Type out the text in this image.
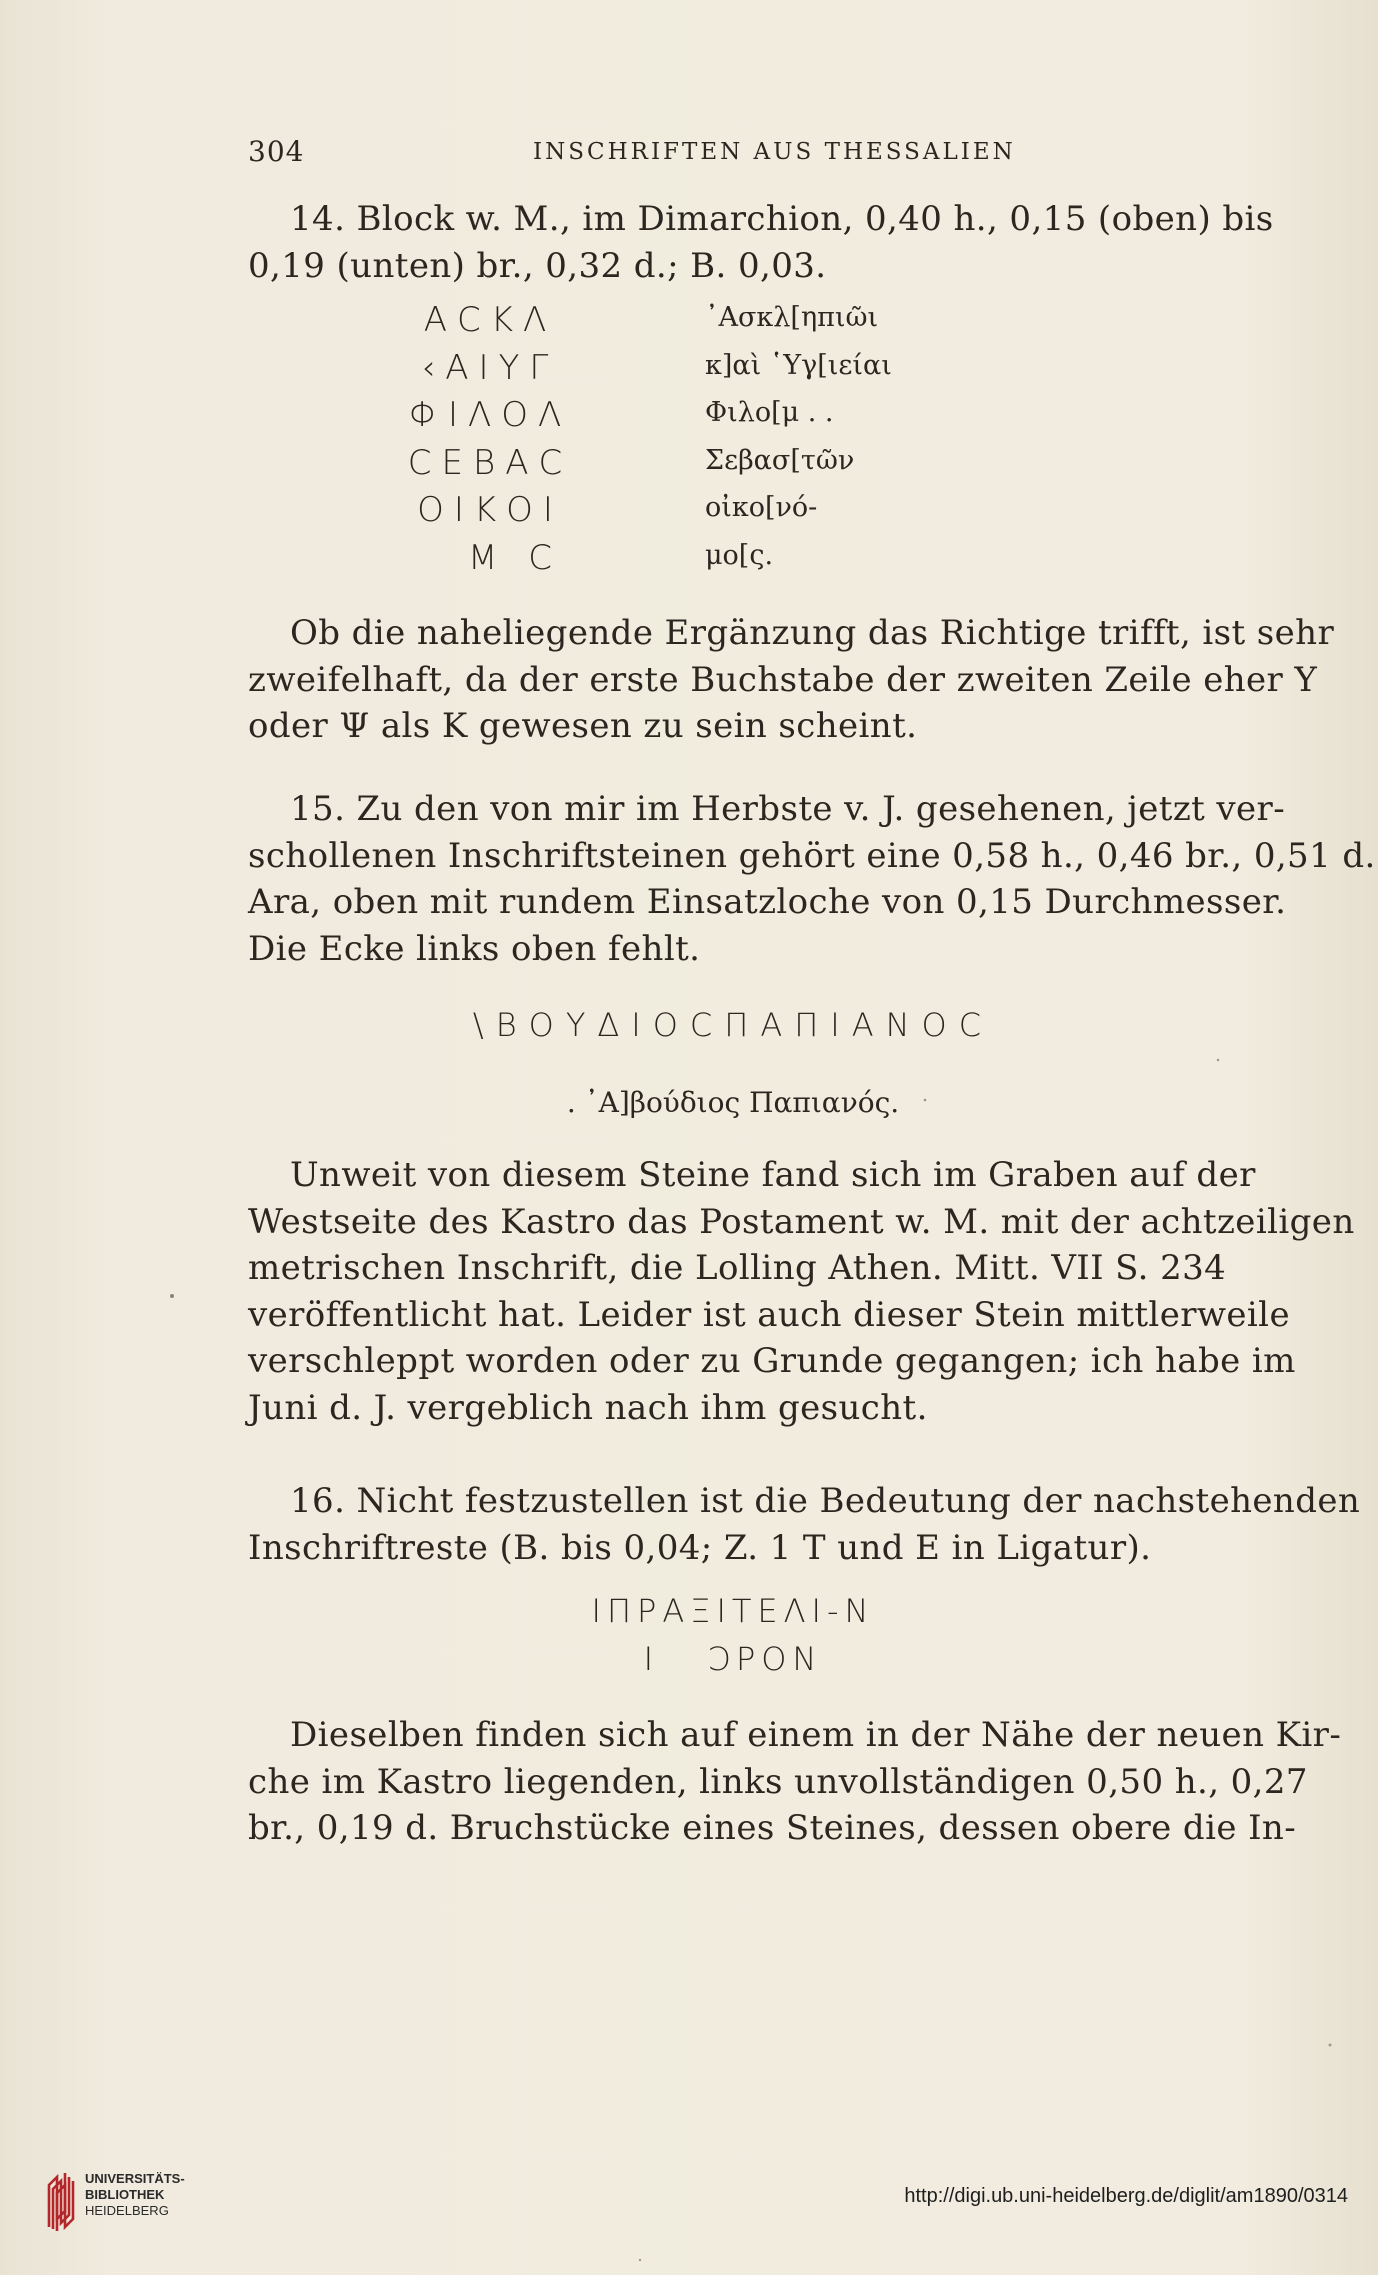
304	INSCHRIFTEN AUS THESSALIEN
14. Block w. M., im Dimarchion, 0,40 h., 0,15 (oben) bis
0,19 (unten) br., 0,32 d.; B. 0,03.
ΑCΚΛ	᾿Ασκλ[ηπιῶι
‹ΑΙΥΓ	κ]αὶ ῾Υγ[ιείαι
ΦΙΛΟΛ	Φιλο[μ . .
CΕΒΑC	Σεβασ[τῶν
ΟΙΚΟΙ	οἰκο[νό-
Μ C	μο[ς.
Ob die naheliegende Ergänzung das Richtige trifft, ist sehr
zweifelhaft, da der erste Buchstabe der zweiten Zeile eher Υ
oder Ψ als Κ gewesen zu sein scheint.
15. Zu den von mir im Herbste v. J. gesehenen, jetzt ver-
schollenen Inschriftsteinen gehört eine 0,58 h., 0,46 br., 0,51 d.
Ara, oben mit rundem Einsatzloche von 0,15 Durchmesser.
Die Ecke links oben fehlt.
\ΒΟΥΔΙΟCΠΑΠΙΑΝΟC
. ᾿Α]βούδιος Παπιανός.
Unweit von diesem Steine fand sich im Graben auf der
Westseite des Kastro das Postament w. M. mit der achtzeiligen
metrischen Inschrift, die Lolling Athen. Mitt. VII S. 234
veröffentlicht hat. Leider ist auch dieser Stein mittlerweile
verschleppt worden oder zu Grunde gegangen; ich habe im
Juni d. J. vergeblich nach ihm gesucht.
16. Nicht festzustellen ist die Bedeutung der nachstehenden
Inschriftreste (B. bis 0,04; Z. 1 Τ und Ε in Ligatur).
ΙΠΡΑΞΙΤΕΛΙ-Ν
Ι   ƆΡΟΝ
Dieselben finden sich auf einem in der Nähe der neuen Kir-
che im Kastro liegenden, links unvollständigen 0,50 h., 0,27
br., 0,19 d. Bruchstücke eines Steines, dessen obere die In-
UNIVERSITÄTS-
BIBLIOTHEK
HEIDELBERG
http://digi.ub.uni-heidelberg.de/diglit/am1890/0314
